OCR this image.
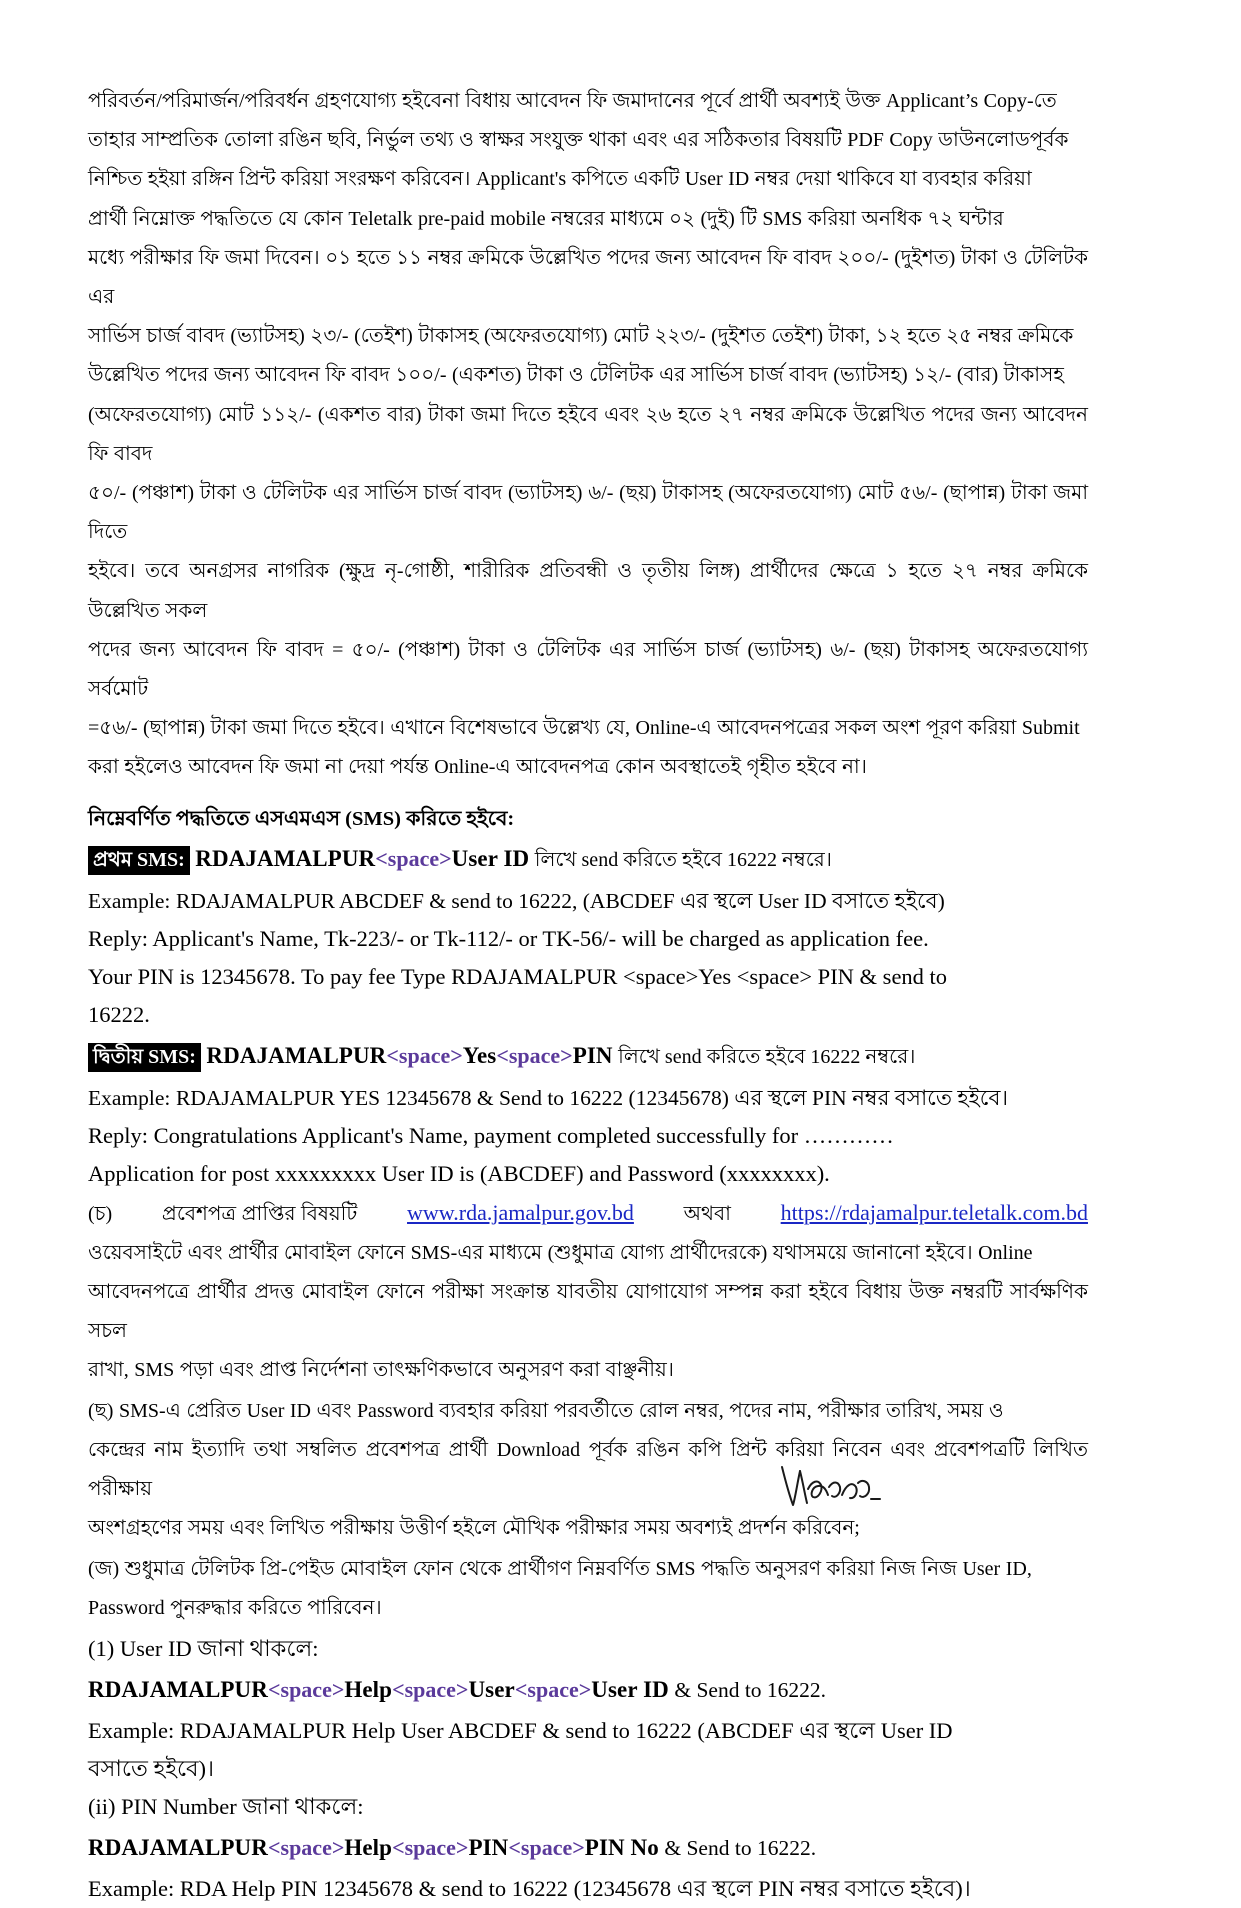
পরিবর্তন/পরিমার্জন/পরিবর্ধন গ্রহণযোগ্য হইবেনা বিধায় আবেদন ফি জমাদানের পূর্বে প্রার্থী অবশ্যই উক্ত Applicant’s Copy-তে
তাহার সাম্প্রতিক তোলা রঙিন ছবি, নির্ভুল তথ্য ও স্বাক্ষর সংযুক্ত থাকা এবং এর সঠিকতার বিষয়টি PDF Copy ডাউনলোডপূর্বক
নিশ্চিত হইয়া রঙ্গিন প্রিন্ট করিয়া সংরক্ষণ করিবেন। Applicant's কপিতে একটি User ID নম্বর দেয়া থাকিবে যা ব্যবহার করিয়া
প্রার্থী নিম্নোক্ত পদ্ধতিতে যে কোন Teletalk pre-paid mobile নম্বরের মাধ্যমে ০২ (দুই) টি SMS করিয়া অনধিক ৭২ ঘন্টার
মধ্যে পরীক্ষার ফি জমা দিবেন। ০১ হতে ১১ নম্বর ক্রমিকে উল্লেখিত পদের জন্য আবেদন ফি বাবদ ২০০/- (দুইশত) টাকা ও টেলিটক এর
সার্ভিস চার্জ বাবদ (ভ্যাটসহ) ২৩/- (তেইশ) টাকাসহ (অফেরতযোগ্য) মোট ২২৩/- (দুইশত তেইশ) টাকা, ১২ হতে ২৫ নম্বর ক্রমিকে
উল্লেখিত পদের জন্য আবেদন ফি বাবদ ১০০/- (একশত) টাকা ও টেলিটক এর সার্ভিস চার্জ বাবদ (ভ্যাটসহ) ১২/- (বার) টাকাসহ
(অফেরতযোগ্য) মোট ১১২/- (একশত বার) টাকা জমা দিতে হইবে এবং ২৬ হতে ২৭ নম্বর ক্রমিকে উল্লেখিত পদের জন্য আবেদন ফি বাবদ
৫০/- (পঞ্চাশ) টাকা ও টেলিটক এর সার্ভিস চার্জ বাবদ (ভ্যাটসহ) ৬/- (ছয়) টাকাসহ (অফেরতযোগ্য) মোট ৫৬/- (ছাপান্ন) টাকা জমা দিতে
হইবে। তবে অনগ্রসর নাগরিক (ক্ষুদ্র নৃ-গোষ্ঠী, শারীরিক প্রতিবন্ধী ও তৃতীয় লিঙ্গ) প্রার্থীদের ক্ষেত্রে ১ হতে ২৭ নম্বর ক্রমিকে উল্লেখিত সকল
পদের জন্য আবেদন ফি বাবদ = ৫০/- (পঞ্চাশ) টাকা ও টেলিটক এর সার্ভিস চার্জ (ভ্যাটসহ) ৬/- (ছয়) টাকাসহ অফেরতযোগ্য সর্বমোট
=৫৬/- (ছাপান্ন) টাকা জমা দিতে হইবে। এখানে বিশেষভাবে উল্লেখ্য যে, Online-এ আবেদনপত্রের সকল অংশ পূরণ করিয়া Submit
করা হইলেও আবেদন ফি জমা না দেয়া পর্যন্ত Online-এ আবেদনপত্র কোন অবস্থাতেই গৃহীত হইবে না।
নিম্নেবর্ণিত পদ্ধতিতে এসএমএস (SMS) করিতে হইবে:
প্রথম SMS: RDAJAMALPUR<space>User ID লিখে send করিতে হইবে 16222 নম্বরে।
Example: RDAJAMALPUR ABCDEF & send to 16222, (ABCDEF এর স্থলে User ID বসাতে হইবে)
Reply: Applicant's Name, Tk-223/- or Tk-112/- or TK-56/- will be charged as application fee.
Your PIN is 12345678. To pay fee Type RDAJAMALPUR <space>Yes <space> PIN & send to
16222.
দ্বিতীয় SMS: RDAJAMALPUR<space>Yes<space>PIN লিখে send করিতে হইবে 16222 নম্বরে।
Example: RDAJAMALPUR YES 12345678 & Send to 16222 (12345678) এর স্থলে PIN নম্বর বসাতে হইবে।
Reply: Congratulations Applicant's Name, payment completed successfully for …………
Application for post xxxxxxxxx User ID is (ABCDEF) and Password (xxxxxxxx).
(চ) প্রবেশপত্র প্রাপ্তির বিষয়টি www.rda.jamalpur.gov.bd অথবা https://rdajamalpur.teletalk.com.bd
ওয়েবসাইটে এবং প্রার্থীর মোবাইল ফোনে SMS-এর মাধ্যমে (শুধুমাত্র যোগ্য প্রার্থীদেরকে) যথাসময়ে জানানো হইবে। Online
আবেদনপত্রে প্রার্থীর প্রদত্ত মোবাইল ফোনে পরীক্ষা সংক্রান্ত যাবতীয় যোগাযোগ সম্পন্ন করা হইবে বিধায় উক্ত নম্বরটি সার্বক্ষণিক সচল
রাখা, SMS পড়া এবং প্রাপ্ত নির্দেশনা তাৎক্ষণিকভাবে অনুসরণ করা বাঞ্ছনীয়।
(ছ) SMS-এ প্রেরিত User ID এবং Password ব্যবহার করিয়া পরবর্তীতে রোল নম্বর, পদের নাম, পরীক্ষার তারিখ, সময় ও
কেন্দ্রের নাম ইত্যাদি তথা সম্বলিত প্রবেশপত্র প্রার্থী Download পূর্বক রঙিন কপি প্রিন্ট করিয়া নিবেন এবং প্রবেশপত্রটি লিখিত পরীক্ষায়
অংশগ্রহণের সময় এবং লিখিত পরীক্ষায় উত্তীর্ণ হইলে মৌখিক পরীক্ষার সময় অবশ্যই প্রদর্শন করিবেন;
(জ) শুধুমাত্র টেলিটক প্রি-পেইড মোবাইল ফোন থেকে প্রার্থীগণ নিম্নবর্ণিত SMS পদ্ধতি অনুসরণ করিয়া নিজ নিজ User ID,
Password পুনরুদ্ধার করিতে পারিবেন।
(1) User ID জানা থাকলে:
RDAJAMALPUR<space>Help<space>User<space>User ID & Send to 16222.
Example: RDAJAMALPUR Help User ABCDEF & send to 16222 (ABCDEF এর স্থলে User ID
বসাতে হইবে)।
(ii) PIN Number জানা থাকলে:
RDAJAMALPUR<space>Help<space>PIN<space>PIN No & Send to 16222.
Example: RDA Help PIN 12345678 & send to 16222 (12345678 এর স্থলে PIN নম্বর বসাতে হইবে)।
